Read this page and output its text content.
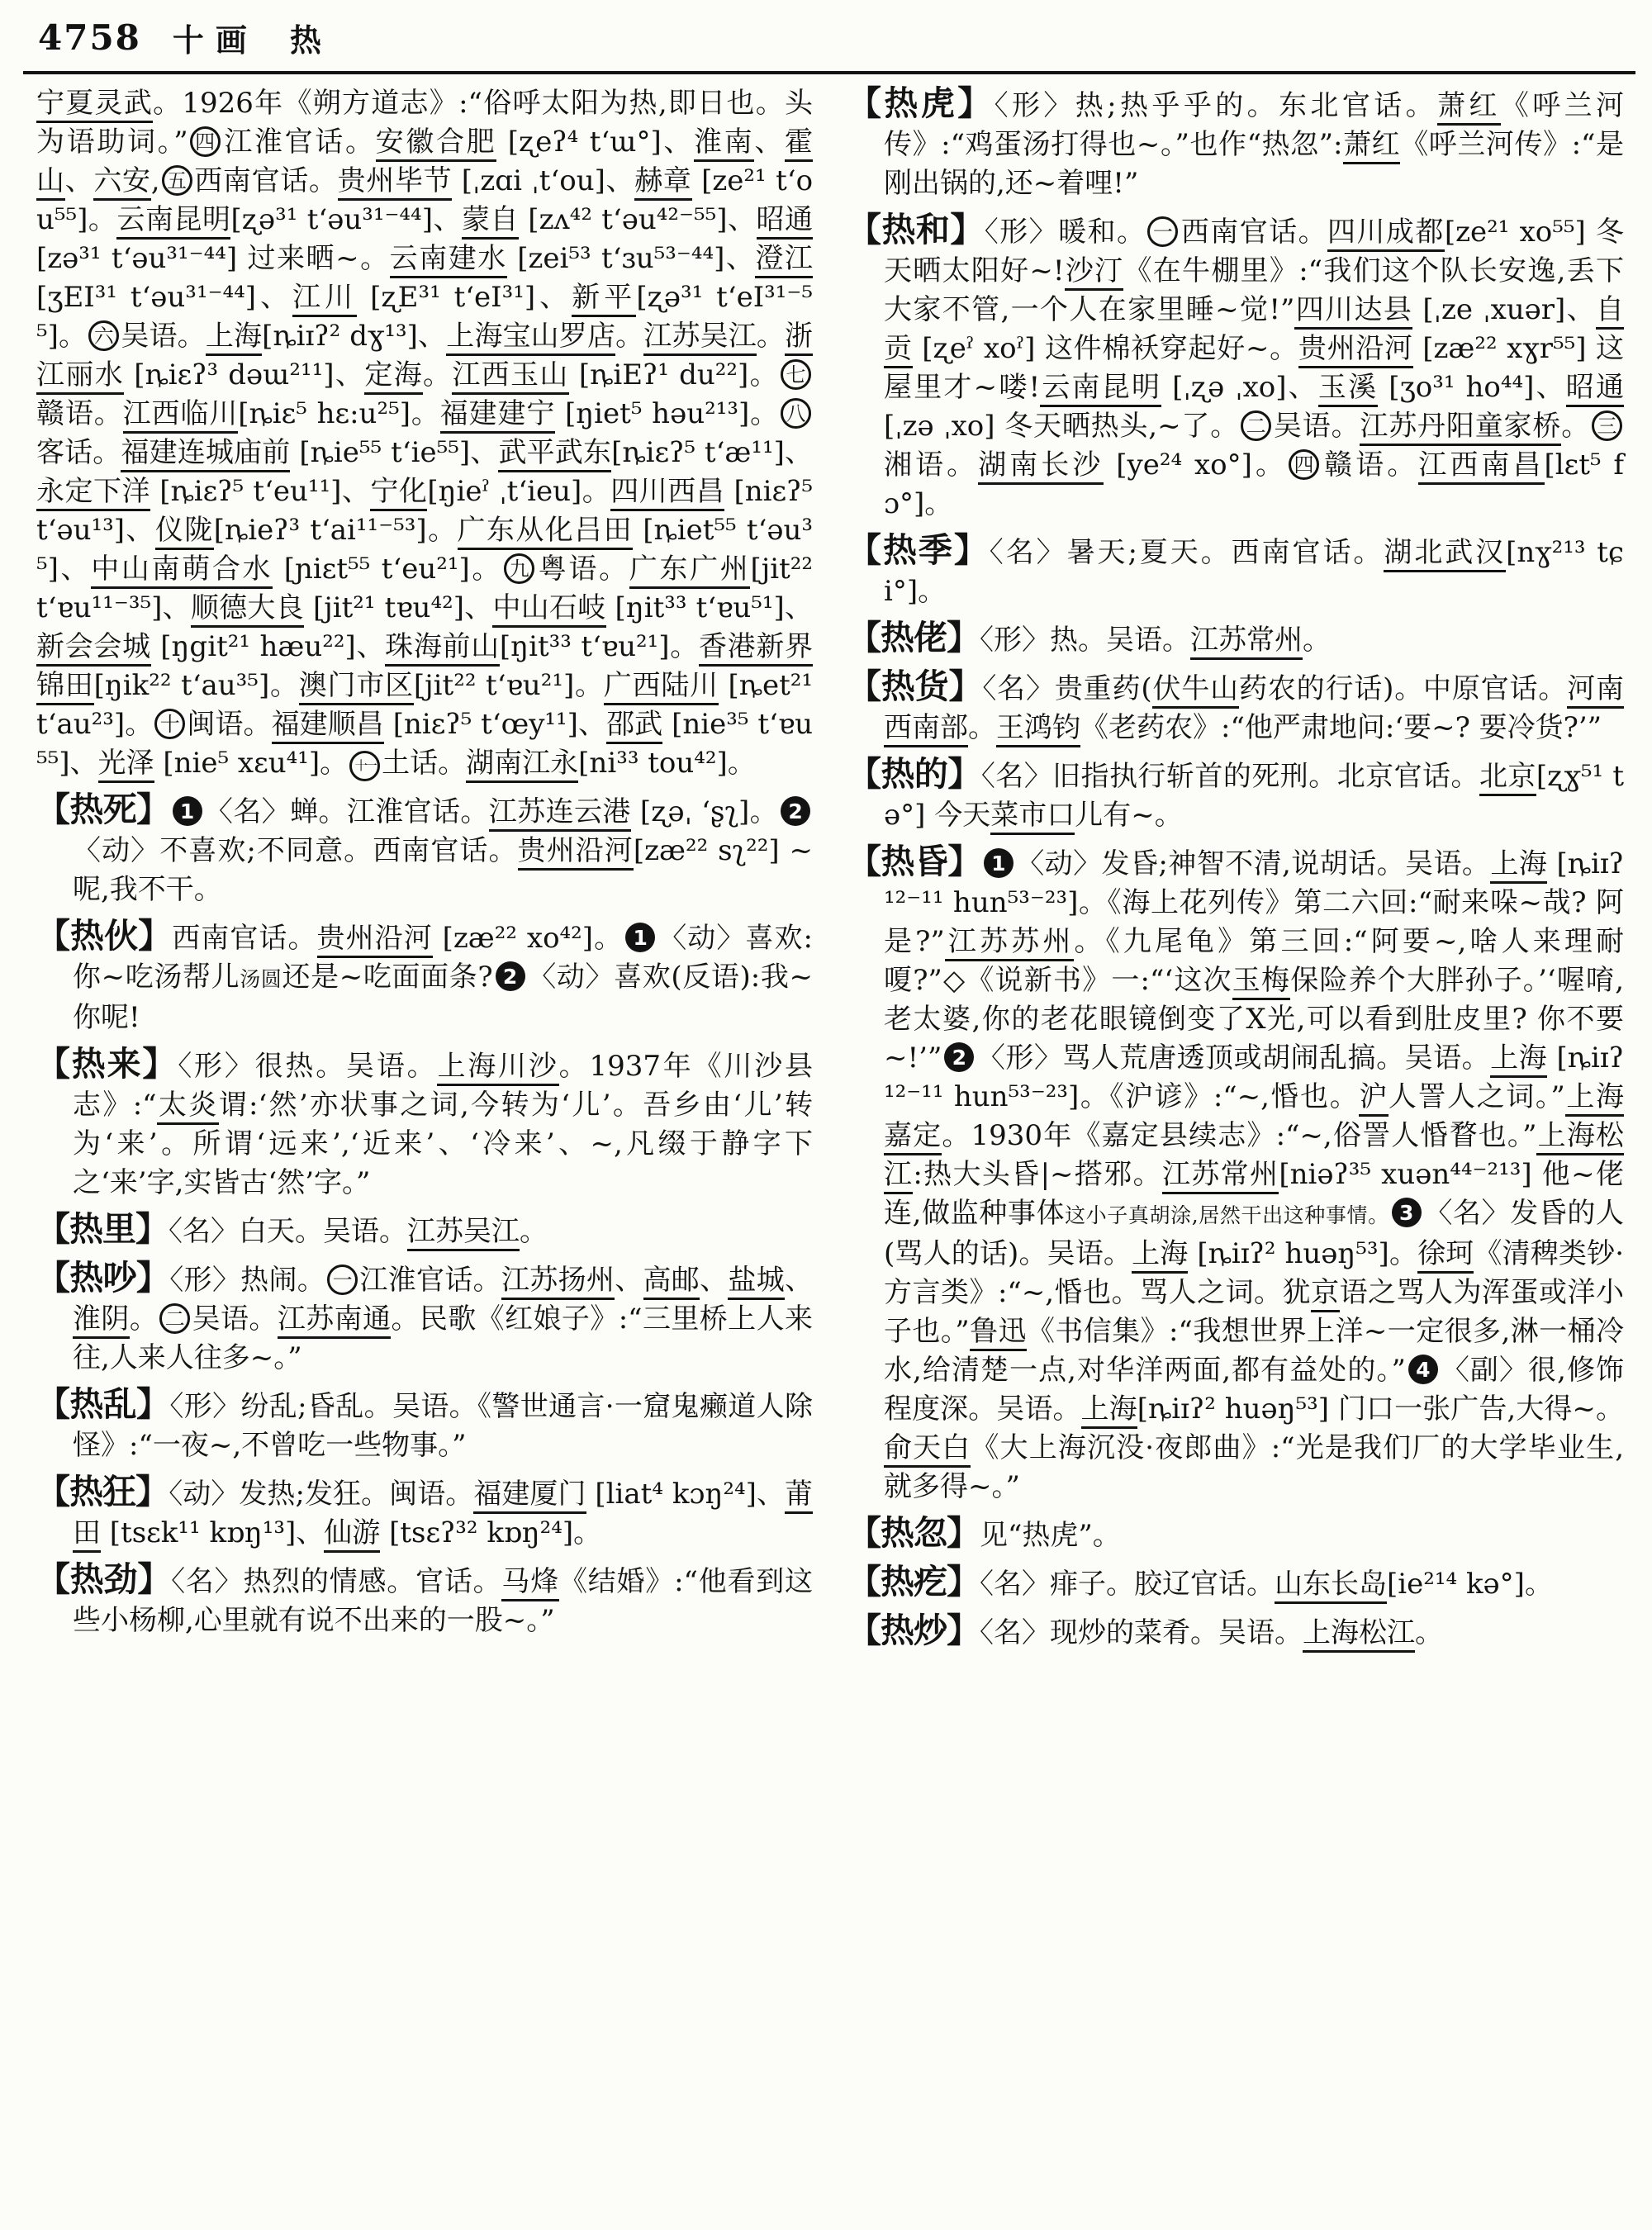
4758 十画 热

宁夏灵武。1926年《朔方道志》:“俗呼太阳为热,即日也。头为语助词。” 四 江淮官话。安徽合肥 [ʐeʔ⁴ t‘ɯ°]、淮南、霍山、六安, 五 西南官话。贵州毕节 [ˌzɑi ˌt‘ou]、赫章 [ze²¹ t‘ou⁵⁵]。云南昆明[ʐə³¹ t‘əu³¹⁻⁴⁴]、蒙自 [zʌ⁴² t‘əu⁴²⁻⁵⁵]、昭通 [zə³¹ t‘əu³¹⁻⁴⁴] 过来晒~。云南建水 [zei⁵³ t‘ɜu⁵³⁻⁴⁴]、澄江 [ʒEI³¹ t‘əu³¹⁻⁴⁴]、江川 [ʐE³¹ t‘eI³¹]、新平[ʐə³¹ t‘eI³¹⁻⁵⁵]。 六 吴语。上海[ȵiɪʔ² dɣ¹³]、上海宝山罗店。江苏吴江。浙江丽水 [ȵiɛʔ³ dəɯ²¹¹]、定海。江西玉山 [ȵiEʔ¹ du²²]。 七赣语。江西临川[ȵiɛ⁵ hɛ:u²⁵]。福建建宁 [ŋiet⁵ həu²¹³]。 八客话。福建连城庙前 [ȵie⁵⁵ t‘ie⁵⁵]、武平武东[ȵiɛʔ⁵ t‘æ¹¹]、永定下洋 [ȵiɛʔ⁵ t‘eu¹¹]、宁化[ŋieˀ ˌt‘ieu]。四川西昌 [niɛʔ⁵ t‘əu¹³]、仪陇[ȵieʔ³ t‘ai¹¹⁻⁵³]。广东从化吕田 [ȵiet⁵⁵ t‘əu³⁵]、中山南萌合水 [ɲiɛt⁵⁵ t‘eu²¹]。 九 粤语。广东广州[jit²² t‘ɐu¹¹⁻³⁵]、顺德大良 [jit²¹ tɐu⁴²]、中山石岐 [ŋit³³ t‘ɐu⁵¹]、新会会城 [ŋgit²¹ hæu²²]、珠海前山[ŋit³³ t‘ɐu²¹]。香港新界锦田[ŋik²² t‘au³⁵]。澳门市区[jit²² t‘ɐu²¹]。广西陆川 [ȵet²¹ t‘au²³]。 十 闽语。福建顺昌 [niɛʔ⁵ t‘œy¹¹]、邵武 [nie³⁵ t‘ɐu⁵⁵]、光泽 [nie⁵ xɛu⁴¹]。 十一 土话。湖南江永[ni³³ tou⁴²]。

【热死】 1 〈名〉蝉。江淮官话。江苏连云港 [ʐəˌ ʻʂʅ]。 2〈动〉不喜欢;不同意。西南官话。贵州沿河[zæ²² sʅ²²] ~呢,我不干。

【热伙】西南官话。贵州沿河 [zæ²² xo⁴²]。 1 〈动〉喜欢:你~吃汤帮儿汤圆还是~吃面面条? 2 〈动〉喜欢(反语):我~你呢!

【热来】〈形〉很热。吴语。上海川沙。1937年《川沙县志》:“太炎谓:‘然’亦状事之词,今转为‘儿’。吾乡由‘儿’转为‘来’。所谓‘远来’,‘近来’、‘冷来’、~,凡缀于静字下之‘来’字,实皆古‘然’字。”

【热里】〈名〉白天。吴语。江苏吴江。

【热吵】〈形〉热闹。 一 江淮官话。江苏扬州、高邮、盐城、淮阴。 二 吴语。江苏南通。民歌《红娘子》:“三里桥上人来往,人来人往多~。”

【热乱】〈形〉纷乱;昏乱。吴语。《警世通言·一窟鬼癞道人除怪》:“一夜~,不曾吃一些物事。”

【热狂】〈动〉发热;发狂。闽语。福建厦门 [liat⁴ kɔŋ²⁴]、莆田 [tsɛk¹¹ kɒŋ¹³]、仙游 [tsɛʔ³² kɒŋ²⁴]。

【热劲】〈名〉热烈的情感。官话。马烽《结婚》:“他看到这些小杨柳,心里就有说不出来的一股~。”

【热虎】〈形〉热;热乎乎的。东北官话。萧红《呼兰河传》:“鸡蛋汤打得也~。”也作“热忽”:萧红《呼兰河传》:“是刚出锅的,还~着哩!”

【热和】〈形〉暖和。 一 西南官话。四川成都[ze²¹ xo⁵⁵] 冬天晒太阳好~!沙汀《在牛棚里》:“我们这个队长安逸,丢下大家不管,一个人在家里睡~觉!”四川达县 [ˌze ˌxuər]、自贡 [ʐeˀ xoˀ] 这件棉袄穿起好~。贵州沿河 [zæ²² xɣr⁵⁵] 这屋里才~喽!云南昆明 [ˌʐə ˌxo]、玉溪 [ʒo³¹ ho⁴⁴]、昭通 [ˌzə ˌxo] 冬天晒热头,~了。 二 吴语。江苏丹阳童家桥。 三湘语。湖南长沙 [ye²⁴ xo°]。 四 赣语。江西南昌[lɛt⁵ fɔ°]。

【热季】〈名〉暑天;夏天。西南官话。湖北武汉[nɣ²¹³ tɕi°]。

【热佬】〈形〉热。吴语。江苏常州。

【热货】〈名〉贵重药(伏牛山药农的行话)。中原官话。河南西南部。王鸿钧《老药农》:“他严肃地问:‘要~? 要冷货?’”

【热的】〈名〉旧指执行斩首的死刑。北京官话。北京[ʐɣ⁵¹ tə°] 今天菜市口儿有~。

【热昏】 1 〈动〉发昏;神智不清,说胡话。吴语。上海 [ȵiɪʔ¹²⁻¹¹ hun⁵³⁻²³]。《海上花列传》第二六回:“耐来哚~哉? 阿是?”江苏苏州。《九尾龟》第三回:“阿要~,啥人来理耐嗄?”◇《说新书》一:“‘这次玉梅保险养个大胖孙子。’‘喔唷,老太婆,你的老花眼镜倒变了X光,可以看到肚皮里? 你不要~!’” 2 〈形〉骂人荒唐透顶或胡闹乱搞。吴语。上海 [ȵiɪʔ¹²⁻¹¹ hun⁵³⁻²³]。《沪谚》:“~,惛也。沪人詈人之词。”上海嘉定。1930年《嘉定县续志》:“~,俗詈人惛瞀也。”上海松江:热大头昏|~搭邪。江苏常州[niəʔ³⁵ xuən⁴⁴⁻²¹³] 他~佬连,做监种事体这小子真胡涂,居然干出这种事情。 3 〈名〉发昏的人(骂人的话)。吴语。上海 [ȵiɪʔ² huəŋ⁵³]。徐珂《清稗类钞·方言类》:“~,惛也。骂人之词。犹京语之骂人为浑蛋或洋小子也。”鲁迅《书信集》:“我想世界上洋~一定很多,淋一桶冷水,给清楚一点,对华洋两面,都有益处的。” 4 〈副〉很,修饰程度深。吴语。上海[ȵiɪʔ² huəŋ⁵³] 门口一张广告,大得~。俞天白《大上海沉没·夜郎曲》:“光是我们厂的大学毕业生,就多得~。”

【热忽】见“热虎”。

【热疙】〈名〉痱子。胶辽官话。山东长岛[ie²¹⁴ kə°]。

【热炒】〈名〉现炒的菜肴。吴语。上海松江。
